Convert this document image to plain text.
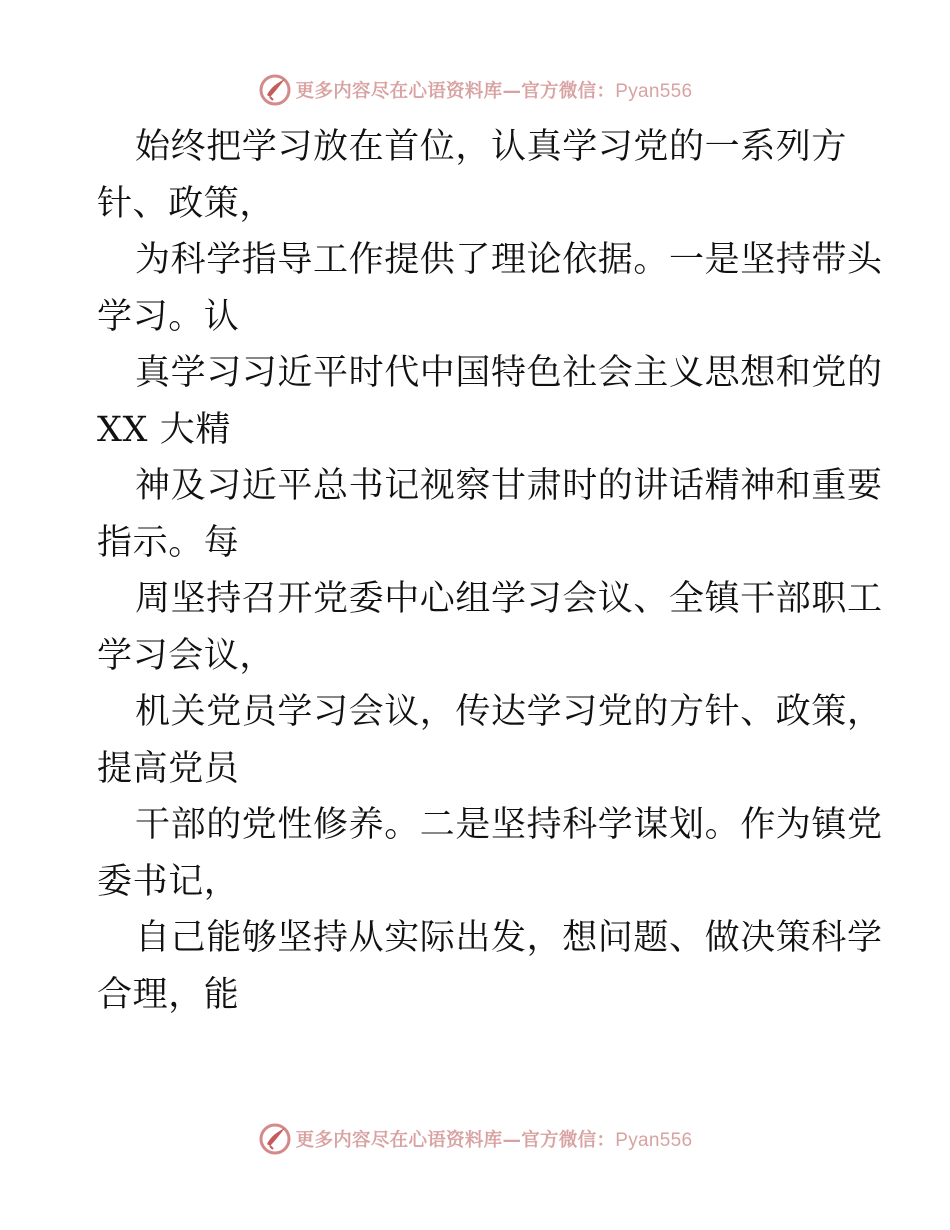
更多内容尽在心语资料库—官方微信：Pyan556

始终把学习放在首位，认真学习党的一系列方
针、政策，

为科学指导工作提供了理论依据。一是坚持带头
学习。认

真学习习近平时代中国特色社会主义思想和党的
XX 大精

神及习近平总书记视察甘肃时的讲话精神和重要
指示。每

周坚持召开党委中心组学习会议、全镇干部职工
学习会议，

机关党员学习会议，传达学习党的方针、政策，
提高党员

干部的党性修养。二是坚持科学谋划。作为镇党
委书记，

自己能够坚持从实际出发，想问题、做决策科学
合理，能

更多内容尽在心语资料库—官方微信：Pyan556
